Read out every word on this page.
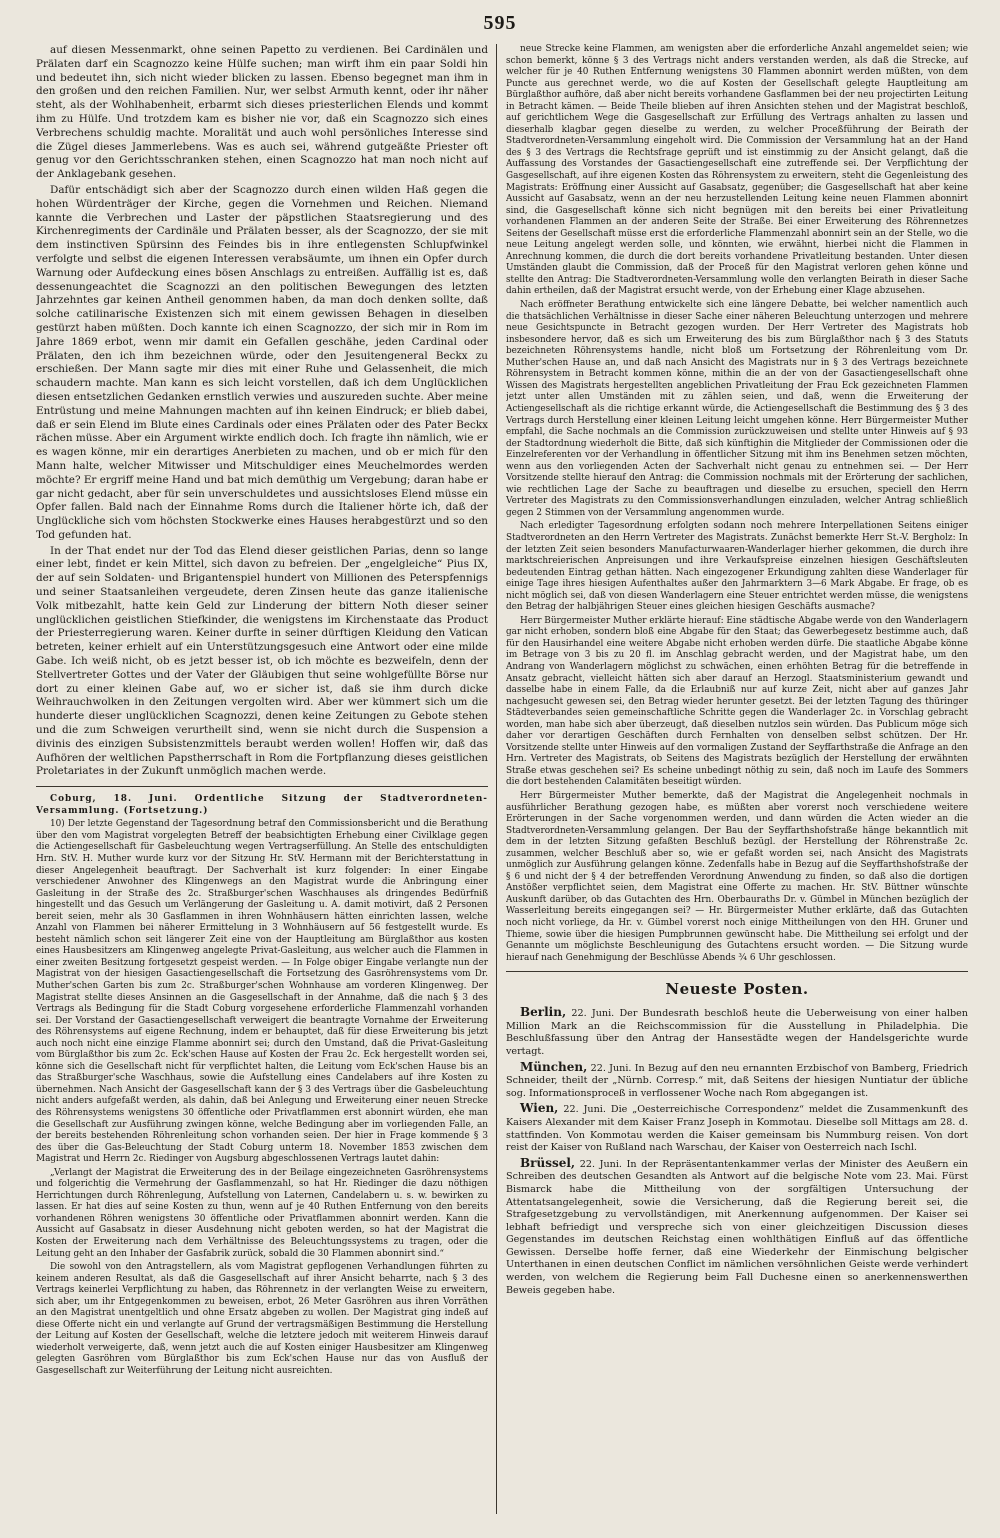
595

auf diesen Messenmarkt, ohne seinen Papetto zu verdienen. Bei Cardinälen und Prälaten darf ein Scagnozzo keine Hülfe suchen; man wirft ihm ein paar Soldi hin und bedeutet ihn, sich nicht wieder blicken zu lassen. Ebenso begegnet man ihm in den großen und den reichen Familien. Nur, wer selbst Armuth kennt, oder ihr näher steht, als der Wohlhabenheit, erbarmt sich dieses priesterlichen Elends und kommt ihm zu Hülfe. Und trotzdem kam es bisher nie vor, daß ein Scagnozzo sich eines Verbrechens schuldig machte. Moralität und auch wohl persönliches Interesse sind die Zügel dieses Jammerlebens. Was es auch sei, während gutgeäßte Priester oft genug vor den Gerichtsschranken stehen, einen Scagnozzo hat man noch nicht auf der Anklagebank gesehen.

Dafür entschädigt sich aber der Scagnozzo durch einen wilden Haß gegen die hohen Würdenträger der Kirche, gegen die Vornehmen und Reichen. Niemand kannte die Verbrechen und Laster der päpstlichen Staatsregierung und des Kirchenregiments der Cardinäle und Prälaten besser, als der Scagnozzo, der sie mit dem instinctiven Spürsinn des Feindes bis in ihre entlegensten Schlupfwinkel verfolgte und selbst die eigenen Interessen verabsäumte, um ihnen ein Opfer durch Warnung oder Aufdeckung eines bösen Anschlags zu entreißen. Auffällig ist es, daß dessenungeachtet die Scagnozzi an den politischen Bewegungen des letzten Jahrzehntes gar keinen Antheil genommen haben, da man doch denken sollte, daß solche catilinarische Existenzen sich mit einem gewissen Behagen in dieselben gestürzt haben müßten. Doch kannte ich einen Scagnozzo, der sich mir in Rom im Jahre 1869 erbot, wenn mir damit ein Gefallen geschähe, jeden Cardinal oder Prälaten, den ich ihm bezeichnen würde, oder den Jesuitengeneral Beckx zu erschießen. Der Mann sagte mir dies mit einer Ruhe und Gelassenheit, die mich schaudern machte. Man kann es sich leicht vorstellen, daß ich dem Unglücklichen diesen entsetzlichen Gedanken ernstlich verwies und auszureden suchte. Aber meine Entrüstung und meine Mahnungen machten auf ihn keinen Eindruck; er blieb dabei, daß er sein Elend im Blute eines Cardinals oder eines Prälaten oder des Pater Beckx rächen müsse. Aber ein Argument wirkte endlich doch. Ich fragte ihn nämlich, wie er es wagen könne, mir ein derartiges Anerbieten zu machen, und ob er mich für den Mann halte, welcher Mitwisser und Mitschuldiger eines Meuchelmordes werden möchte? Er ergriff meine Hand und bat mich demüthig um Vergebung; daran habe er gar nicht gedacht, aber für sein unverschuldetes und aussichtsloses Elend müsse ein Opfer fallen. Bald nach der Einnahme Roms durch die Italiener hörte ich, daß der Unglückliche sich vom höchsten Stockwerke eines Hauses herabgestürzt und so den Tod gefunden hat.

In der That endet nur der Tod das Elend dieser geistlichen Parias, denn so lange einer lebt, findet er kein Mittel, sich davon zu befreien. Der „engelgleiche“ Pius IX, der auf sein Soldaten- und Brigantenspiel hundert von Millionen des Peterspfennigs und seiner Staatsanleihen vergeudete, deren Zinsen heute das ganze italienische Volk mitbezahlt, hatte kein Geld zur Linderung der bittern Noth dieser seiner unglücklichen geistlichen Stiefkinder, die wenigstens im Kirchenstaate das Product der Priesterregierung waren. Keiner durfte in seiner dürftigen Kleidung den Vatican betreten, keiner erhielt auf ein Unterstützungsgesuch eine Antwort oder eine milde Gabe. Ich weiß nicht, ob es jetzt besser ist, ob ich möchte es bezweifeln, denn der Stellvertreter Gottes und der Vater der Gläubigen thut seine wohlgefüllte Börse nur dort zu einer kleinen Gabe auf, wo er sicher ist, daß sie ihm durch dicke Weihrauchwolken in den Zeitungen vergolten wird. Aber wer kümmert sich um die hunderte dieser unglücklichen Scagnozzi, denen keine Zeitungen zu Gebote stehen und die zum Schweigen verurtheilt sind, wenn sie nicht durch die Suspension a divinis des einzigen Subsistenzmittels beraubt werden wollen! Hoffen wir, daß das Aufhören der weltlichen Papstherrschaft in Rom die Fortpflanzung dieses geistlichen Proletariates in der Zukunft unmöglich machen werde.

Coburg, 18. Juni. Ordentliche Sitzung der Stadtverordneten-Versammlung. (Fortsetzung.)

10) Der letzte Gegenstand der Tagesordnung betraf den Commissionsbericht und die Berathung über den vom Magistrat vorgelegten Betreff der beabsichtigten Erhebung einer Civilklage gegen die Actiengesellschaft für Gasbeleuchtung wegen Vertragserfüllung. An Stelle des entschuldigten Hrn. StV. H. Muther wurde kurz vor der Sitzung Hr. StV. Hermann mit der Berichterstattung in dieser Angelegenheit beauftragt. Der Sachverhalt ist kurz folgender: In einer Eingabe verschiedener Anwohner des Klingenwegs an den Magistrat wurde die Anbringung einer Gasleitung in der Straße des 2c. Straßburger'schen Waschhauses als dringendes Bedürfniß hingestellt und das Gesuch um Verlängerung der Gasleitung u. A. damit motivirt, daß 2 Personen bereit seien, mehr als 30 Gasflammen in ihren Wohnhäusern hätten einrichten lassen, welche Anzahl von Flammen bei näherer Ermittelung in 3 Wohnhäusern auf 56 festgestellt wurde. Es besteht nämlich schon seit längerer Zeit eine von der Hauptleitung am Bürglaßthor aus kosten eines Hausbesitzers am Klingenweg angelegte Privat-Gasleitung, aus welcher auch die Flammen in einer zweiten Besitzung fortgesetzt gespeist werden. — In Folge obiger Eingabe verlangte nun der Magistrat von der hiesigen Gasactiengesellschaft die Fortsetzung des Gasröhrensystems vom Dr. Muther'schen Garten bis zum 2c. Straßburger'schen Wohnhause am vorderen Klingenweg. Der Magistrat stellte dieses Ansinnen an die Gasgesellschaft in der Annahme, daß die nach § 3 des Vertrags als Bedingung für die Stadt Coburg vorgesehene erforderliche Flammenzahl vorhanden sei. Der Vorstand der Gasactiengesellschaft verweigert die beantragte Vornahme der Erweiterung des Röhrensystems auf eigene Rechnung, indem er behauptet, daß für diese Erweiterung bis jetzt auch noch nicht eine einzige Flamme abonnirt sei; durch den Umstand, daß die Privat-Gasleitung vom Bürglaßthor bis zum 2c. Eck'schen Hause auf Kosten der Frau 2c. Eck hergestellt worden sei, könne sich die Gesellschaft nicht für verpflichtet halten, die Leitung vom Eck'schen Hause bis an das Straßburger'sche Waschhaus, sowie die Aufstellung eines Candelabers auf ihre Kosten zu übernehmen. Nach Ansicht der Gasgesellschaft kann der § 3 des Vertrags über die Gasbeleuchtung nicht anders aufgefaßt werden, als dahin, daß bei Anlegung und Erweiterung einer neuen Strecke des Röhrensystems wenigstens 30 öffentliche oder Privatflammen erst abonnirt würden, ehe man die Gesellschaft zur Ausführung zwingen könne, welche Bedingung aber im vorliegenden Falle, an der bereits bestehenden Röhrenleitung schon vorhanden seien. Der hier in Frage kommende § 3 des über die Gas-Beleuchtung der Stadt Coburg unterm 18. November 1853 zwischen dem Magistrat und Herrn 2c. Riedinger von Augsburg abgeschlossenen Vertrags lautet dahin:

„Verlangt der Magistrat die Erweiterung des in der Beilage eingezeichneten Gasröhrensystems und folgerichtig die Vermehrung der Gasflammenzahl, so hat Hr. Riedinger die dazu nöthigen Herrichtungen durch Röhrenlegung, Aufstellung von Laternen, Candelabern u. s. w. bewirken zu lassen. Er hat dies auf seine Kosten zu thun, wenn auf je 40 Ruthen Entfernung von den bereits vorhandenen Röhren wenigstens 30 öffentliche oder Privatflammen abonnirt werden. Kann die Aussicht auf Gasabsatz in dieser Ausdehnung nicht geboten werden, so hat der Magistrat die Kosten der Erweiterung nach dem Verhältnisse des Beleuchtungssystems zu tragen, oder die Leitung geht an den Inhaber der Gasfabrik zurück, sobald die 30 Flammen abonnirt sind.“

Die sowohl von den Antragstellern, als vom Magistrat gepflogenen Verhandlungen führten zu keinem anderen Resultat, als daß die Gasgesellschaft auf ihrer Ansicht beharrte, nach § 3 des Vertrags keinerlei Verpflichtung zu haben, das Röhrennetz in der verlangten Weise zu erweitern, sich aber, um ihr Entgegenkommen zu beweisen, erbot, 26 Meter Gasröhren aus ihren Vorräthen an den Magistrat unentgeltlich und ohne Ersatz abgeben zu wollen. Der Magistrat ging indeß auf diese Offerte nicht ein und verlangte auf Grund der vertragsmäßigen Bestimmung die Herstellung der Leitung auf Kosten der Gesellschaft, welche die letztere jedoch mit weiterem Hinweis darauf wiederholt verweigerte, daß, wenn jetzt auch die auf Kosten einiger Hausbesitzer am Klingenweg gelegten Gasröhren vom Bürglaßthor bis zum Eck'schen Hause nur das von Ausfluß der Gasgesellschaft zur Weiterführung der Leitung nicht ausreichten.

neue Strecke keine Flammen, am wenigsten aber die erforderliche Anzahl angemeldet seien; wie schon bemerkt, könne § 3 des Vertrags nicht anders verstanden werden, als daß die Strecke, auf welcher für je 40 Ruthen Entfernung wenigstens 30 Flammen abonnirt werden müßten, von dem Puncte aus gerechnet werde, wo die auf Kosten der Gesellschaft gelegte Hauptleitung am Bürglaßthor aufhöre, daß aber nicht bereits vorhandene Gasflammen bei der neu projectirten Leitung in Betracht kämen. — Beide Theile blieben auf ihren Ansichten stehen und der Magistrat beschloß, auf gerichtlichem Wege die Gasgesellschaft zur Erfüllung des Vertrags anhalten zu lassen und dieserhalb klagbar gegen dieselbe zu werden, zu welcher Proceßführung der Beirath der Stadtverordneten-Versammlung eingeholt wird. Die Commission der Versammlung hat an der Hand des § 3 des Vertrags die Rechtsfrage geprüft und ist einstimmig zu der Ansicht gelangt, daß die Auffassung des Vorstandes der Gasactiengesellschaft eine zutreffende sei. Der Verpflichtung der Gasgesellschaft, auf ihre eigenen Kosten das Röhrensystem zu erweitern, steht die Gegenleistung des Magistrats: Eröffnung einer Aussicht auf Gasabsatz, gegenüber; die Gasgesellschaft hat aber keine Aussicht auf Gasabsatz, wenn an der neu herzustellenden Leitung keine neuen Flammen abonnirt sind, die Gasgesellschaft könne sich nicht begnügen mit den bereits bei einer Privatleitung vorhandenen Flammen an der anderen Seite der Straße. Bei einer Erweiterung des Röhrennetzes Seitens der Gesellschaft müsse erst die erforderliche Flammenzahl abonnirt sein an der Stelle, wo die neue Leitung angelegt werden solle, und könnten, wie erwähnt, hierbei nicht die Flammen in Anrechnung kommen, die durch die dort bereits vorhandene Privatleitung bestanden. Unter diesen Umständen glaubt die Commission, daß der Proceß für den Magistrat verloren gehen könne und stellte den Antrag: Die Stadtverordneten-Versammlung wolle den verlangten Beirath in dieser Sache dahin ertheilen, daß der Magistrat ersucht werde, von der Erhebung einer Klage abzusehen.

Nach eröffneter Berathung entwickelte sich eine längere Debatte, bei welcher namentlich auch die thatsächlichen Verhältnisse in dieser Sache einer näheren Beleuchtung unterzogen und mehrere neue Gesichtspuncte in Betracht gezogen wurden. Der Herr Vertreter des Magistrats hob insbesondere hervor, daß es sich um Erweiterung des bis zum Bürglaßthor nach § 3 des Statuts bezeichneten Röhrensystems handle, nicht bloß um Fortsetzung der Röhrenleitung vom Dr. Muther'schen Hause an, und daß nach Ansicht des Magistrats nur in § 3 des Vertrags bezeichnete Röhrensystem in Betracht kommen könne, mithin die an der von der Gasactiengesellschaft ohne Wissen des Magistrats hergestellten angeblichen Privatleitung der Frau Eck gezeichneten Flammen jetzt unter allen Umständen mit zu zählen seien, und daß, wenn die Erweiterung der Actiengesellschaft als die richtige erkannt würde, die Actiengesellschaft die Bestimmung des § 3 des Vertrags durch Herstellung einer kleinen Leitung leicht umgehen könne. Herr Bürgermeister Muther empfahl, die Sache nochmals an die Commission zurückzuweisen und stellte unter Hinweis auf § 93 der Stadtordnung wiederholt die Bitte, daß sich künftighin die Mitglieder der Commissionen oder die Einzelreferenten vor der Verhandlung in öffentlicher Sitzung mit ihm ins Benehmen setzen möchten, wenn aus den vorliegenden Acten der Sachverhalt nicht genau zu entnehmen sei. — Der Herr Vorsitzende stellte hierauf den Antrag: die Commission nochmals mit der Erörterung der sachlichen, wie rechtlichen Lage der Sache zu beauftragen und dieselbe zu ersuchen, speciell den Herrn Vertreter des Magistrats zu den Commissionsverhandlungen einzuladen, welcher Antrag schließlich gegen 2 Stimmen von der Versammlung angenommen wurde.

Nach erledigter Tagesordnung erfolgten sodann noch mehrere Interpellationen Seitens einiger Stadtverordneten an den Herrn Vertreter des Magistrats. Zunächst bemerkte Herr St.-V. Bergholz: In der letzten Zeit seien besonders Manufacturwaaren-Wanderlager hierher gekommen, die durch ihre marktschreierischen Anpreisungen und ihre Verkaufspreise einzelnen hiesigen Geschäftsleuten bedeutenden Eintrag gethan hätten. Nach eingezogener Erkundigung zahlten diese Wanderlager für einige Tage ihres hiesigen Aufenthaltes außer den Jahrmarktern 3—6 Mark Abgabe. Er frage, ob es nicht möglich sei, daß von diesen Wanderlagern eine Steuer entrichtet werden müsse, die wenigstens den Betrag der halbjährigen Steuer eines gleichen hiesigen Geschäfts ausmache?

Herr Bürgermeister Muther erklärte hierauf: Eine städtische Abgabe werde von den Wanderlagern gar nicht erhoben, sondern bloß eine Abgabe für den Staat; das Gewerbegesetz bestimme auch, daß für den Hausirhandel eine weitere Abgabe nicht erhoben werden dürfe. Die staatliche Abgabe könne im Betrage von 3 bis zu 20 fl. im Anschlag gebracht werden, und der Magistrat habe, um den Andrang von Wanderlagern möglichst zu schwächen, einen erhöhten Betrag für die betreffende in Ansatz gebracht, vielleicht hätten sich aber darauf an Herzogl. Staatsministerium gewandt und dasselbe habe in einem Falle, da die Erlaubniß nur auf kurze Zeit, nicht aber auf ganzes Jahr nachgesucht gewesen sei, den Betrag wieder herunter gesetzt. Bei der letzten Tagung des thüringer Städteverbandes seien gemeinschaftliche Schritte gegen die Wanderlager 2c. in Vorschlag gebracht worden, man habe sich aber überzeugt, daß dieselben nutzlos sein würden. Das Publicum möge sich daher vor derartigen Geschäften durch Fernhalten von denselben selbst schützen. Der Hr. Vorsitzende stellte unter Hinweis auf den vormaligen Zustand der Seyffarthstraße die Anfrage an den Hrn. Vertreter des Magistrats, ob Seitens des Magistrats bezüglich der Herstellung der erwähnten Straße etwas geschehen sei? Es scheine unbedingt nöthig zu sein, daß noch im Laufe des Sommers die dort bestehenden Calamitäten beseitigt würden.

Herr Bürgermeister Muther bemerkte, daß der Magistrat die Angelegenheit nochmals in ausführlicher Berathung gezogen habe, es müßten aber vorerst noch verschiedene weitere Erörterungen in der Sache vorgenommen werden, und dann würden die Acten wieder an die Stadtverordneten-Versammlung gelangen. Der Bau der Seyffarthshofstraße hänge bekanntlich mit dem in der letzten Sitzung gefaßten Beschluß bezügl. der Herstellung der Röhrenstraße 2c. zusammen, welcher Beschluß aber so, wie er gefaßt worden sei, nach Ansicht des Magistrats unmöglich zur Ausführung gelangen könne. Zedenfalls habe in Bezug auf die Seyffarthshofstraße der § 6 und nicht der § 4 der betreffenden Verordnung Anwendung zu finden, so daß also die dortigen Anstößer verpflichtet seien, dem Magistrat eine Offerte zu machen. Hr. StV. Büttner wünschte Auskunft darüber, ob das Gutachten des Hrn. Oberbauraths Dr. v. Gümbel in München bezüglich der Wasserleitung bereits eingegangen sei? — Hr. Bürgermeister Muther erklärte, daß das Gutachten noch nicht vorliege, da Hr. v. Gümbel vorerst noch einige Mittheilungen von den HH. Gruner und Thieme, sowie über die hiesigen Pumpbrunnen gewünscht habe. Die Mittheilung sei erfolgt und der Genannte um möglichste Beschleunigung des Gutachtens ersucht worden. — Die Sitzung wurde hierauf nach Genehmigung der Beschlüsse Abends ¾ 6 Uhr geschlossen.

Neueste Posten.

Berlin, 22. Juni. Der Bundesrath beschloß heute die Ueberweisung von einer halben Million Mark an die Reichscommission für die Ausstellung in Philadelphia. Die Beschlußfassung über den Antrag der Hansestädte wegen der Handelsgerichte wurde vertagt.

München, 22. Juni. In Bezug auf den neu ernannten Erzbischof von Bamberg, Friedrich Schneider, theilt der „Nürnb. Corresp.“ mit, daß Seitens der hiesigen Nuntiatur der übliche sog. Informationsproceß in verflossener Woche nach Rom abgegangen ist.

Wien, 22. Juni. Die „Oesterreichische Correspondenz“ meldet die Zusammenkunft des Kaisers Alexander mit dem Kaiser Franz Joseph in Kommotau. Dieselbe soll Mittags am 28. d. stattfinden. Von Kommotau werden die Kaiser gemeinsam bis Nummburg reisen. Von dort reist der Kaiser von Rußland nach Warschau, der Kaiser von Oesterreich nach Ischl.

Brüssel, 22. Juni. In der Repräsentantenkammer verlas der Minister des Aeußern ein Schreiben des deutschen Gesandten als Antwort auf die belgische Note vom 23. Mai. Fürst Bismarck habe die Mittheilung von der sorgfältigen Untersuchung der Attentatsangelegenheit, sowie die Versicherung, daß die Regierung bereit sei, die Strafgesetzgebung zu vervollständigen, mit Anerkennung aufgenommen. Der Kaiser sei lebhaft befriedigt und verspreche sich von einer gleichzeitigen Discussion dieses Gegenstandes im deutschen Reichstag einen wohlthätigen Einfluß auf das öffentliche Gewissen. Derselbe hoffe ferner, daß eine Wiederkehr der Einmischung belgischer Unterthanen in einen deutschen Conflict im nämlichen versöhnlichen Geiste werde verhindert werden, von welchem die Regierung beim Fall Duchesne einen so anerkennenswerthen Beweis gegeben habe.
